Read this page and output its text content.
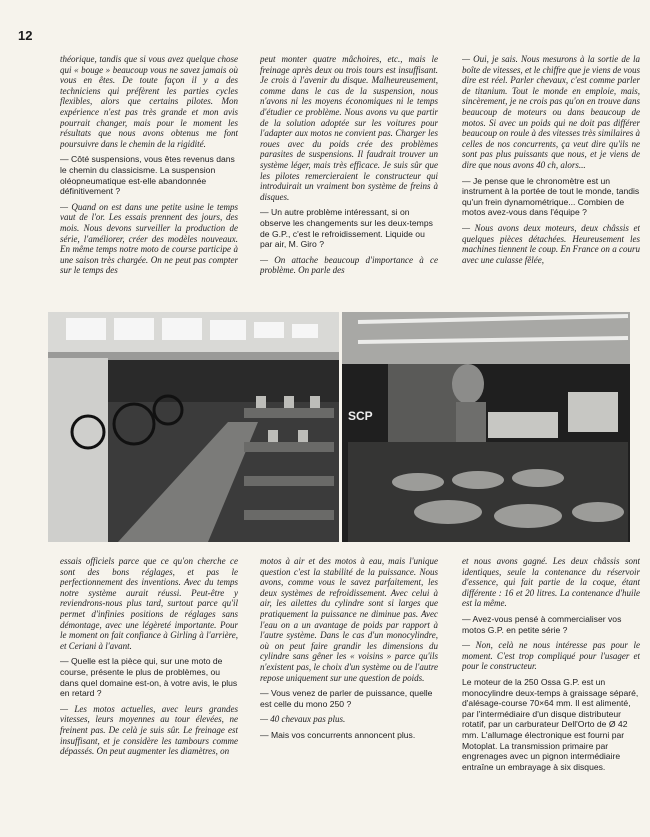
12

théorique, tandis que si vous avez quelque chose qui « bouge » beaucoup vous ne savez jamais où vous en êtes. De toute façon il y a des techniciens qui préfèrent les parties cycles flexibles, alors que certains pilotes. Mon expérience n'est pas très grande et mon avis pourrait changer, mais pour le moment les résultats que nous avons obtenus me font poursuivre dans le chemin de la rigidité.

— Côté suspensions, vous êtes revenus dans le chemin du classicisme. La suspension oléopneumatique est-elle abandonnée définitivement ?

— Quand on est dans une petite usine le temps vaut de l'or. Les essais prennent des jours, des mois. Nous devons surveiller la production de série, l'améliorer, créer des modèles nouveaux. En même temps notre moto de course participe à une saison très chargée. On ne peut pas compter sur le temps des

peut monter quatre mâchoires, etc., mais le freinage après deux ou trois tours est insuffisant. Je crois à l'avenir du disque. Malheureusement, comme dans le cas de la suspension, nous n'avons ni les moyens économiques ni le temps d'étudier ce problème. Nous avons vu que partir de la solution adoptée sur les voitures pour l'adapter aux motos ne convient pas. Charger les roues avec du poids crée des problèmes parasites de suspensions. Il faudrait trouver un système léger, mais très efficace. Je suis sûr que les pilotes remercieraient le constructeur qui introduirait un vraiment bon système de freins à disques.

— Un autre problème intéressant, si on observe les changements sur les deux-temps de G.P., c'est le refroidissement. Liquide ou par air, M. Giro ?

— On attache beaucoup d'importance à ce problème. On parle des

— Oui, je sais. Nous mesurons à la sortie de la boîte de vitesses, et le chiffre que je viens de vous dire est réel. Parler chevaux, c'est comme parler de titanium. Tout le monde en emploie, mais, sincèrement, je ne crois pas qu'on en trouve dans beaucoup de moteurs ou dans beaucoup de motos. Si avec un poids qui ne doit pas différer beaucoup on roule à des vitesses très similaires à celles de nos concurrents, ça veut dire qu'ils ne sont pas plus puissants que nous, et je viens de dire que nous avons 40 ch, alors...

— Je pense que le chronomètre est un instrument à la portée de tout le monde, tandis qu'un frein dynamométrique... Combien de motos avez-vous dans l'équipe ?

— Nous avons deux moteurs, deux châssis et quelques pièces détachées. Heureusement les machines tiennent le coup. En France on a couru avec une culasse fêlée,

SCP

essais officiels parce que ce qu'on cherche ce sont des bons réglages, et pas le perfectionnement des inventions. Avec du temps notre système aurait réussi. Peut-être y reviendrons-nous plus tard, surtout parce qu'il permet d'infinies positions de réglages sans démontage, avec une légèreté importante. Pour le moment on fait confiance à Girling à l'arrière, et Ceriani à l'avant.

— Quelle est la pièce qui, sur une moto de course, présente le plus de problèmes, ou dans quel domaine est-on, à votre avis, le plus en retard ?

— Les motos actuelles, avec leurs grandes vitesses, leurs moyennes au tour élevées, ne freinent pas. De celà je suis sûr. Le freinage est insuffisant, et je considère les tambours comme dépassés. On peut augmenter les diamètres, on

motos à air et des motos à eau, mais l'unique question c'est la stabilité de la puissance. Nous avons, comme vous le savez parfaitement, les deux systèmes de refroidissement. Avec celui à air, les ailettes du cylindre sont si larges que pratiquement la puissance ne diminue pas. Avec l'eau on a un avantage de poids par rapport à l'autre système. Dans le cas d'un monocylindre, où on peut faire grandir les dimensions du cylindre sans gêner les « voisins » parce qu'ils n'existent pas, le choix d'un système ou de l'autre repose uniquement sur une question de poids.

— Vous venez de parler de puissance, quelle est celle du mono 250 ?

— 40 chevaux pas plus.

— Mais vos concurrents annoncent plus.

et nous avons gagné. Les deux châssis sont identiques, seule la contenance du réservoir d'essence, qui fait partie de la coque, étant différente : 16 et 20 litres. La contenance d'huile est la même.

— Avez-vous pensé à commercialiser vos motos G.P. en petite série ?

— Non, celà ne nous intéresse pas pour le moment. C'est trop compliqué pour l'usager et pour le constructeur.

Le moteur de la 250 Ossa G.P. est un monocylindre deux-temps à graissage séparé, d'alésage-course 70×64 mm. Il est alimenté, par l'intermédiaire d'un disque distributeur rotatif, par un carburateur Dell'Orto de Ø 42 mm. L'allumage électronique est fourni par Motoplat. La transmission primaire par engrenages avec un pignon intermédiaire entraîne un embrayage à six disques.
